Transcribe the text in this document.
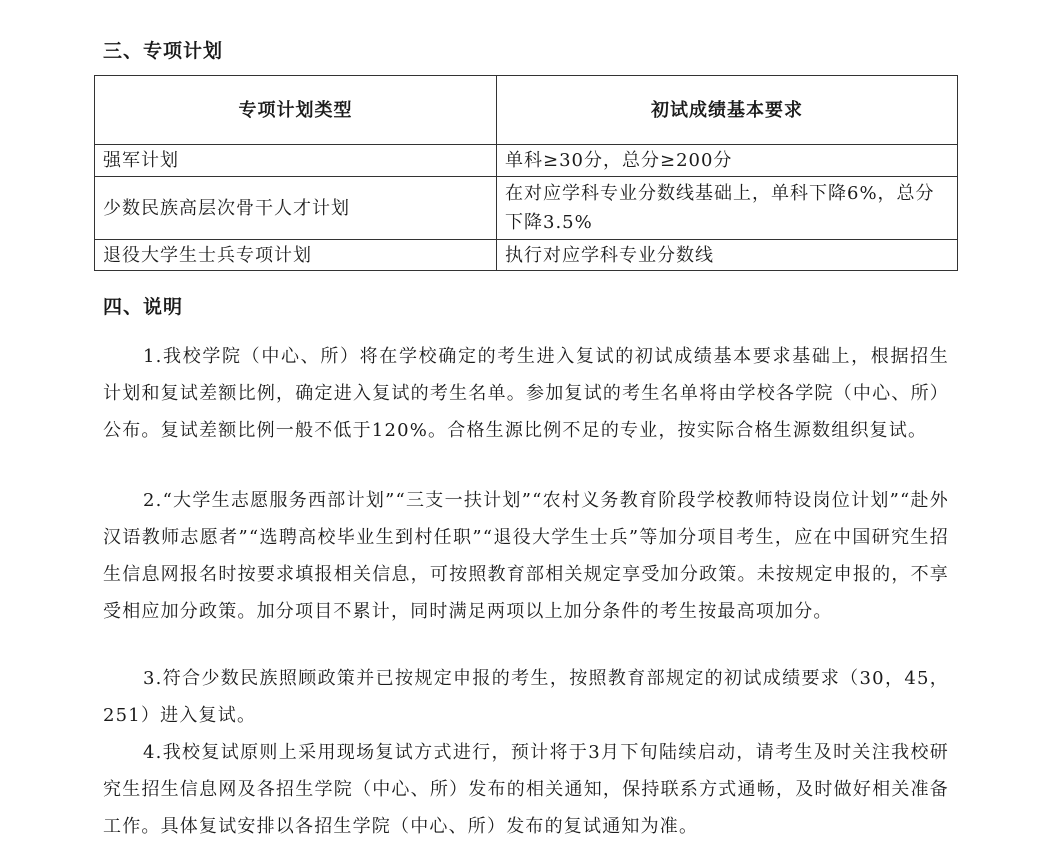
三、专项计划
专项计划类型	初试成绩基本要求
强军计划	单科≥30分，总分≥200分
少数民族高层次骨干人才计划	在对应学科专业分数线基础上，单科下降6%，总分下降3.5%
退役大学生士兵专项计划	执行对应学科专业分数线
四、说明

1.我校学院（中心、所）将在学校确定的考生进入复试的初试成绩基本要求基础上，根据招生计划和复试差额比例，确定进入复试的考生名单。参加复试的考生名单将由学校各学院（中心、所）公布。复试差额比例一般不低于120%。合格生源比例不足的专业，按实际合格生源数组织复试。

2.“大学生志愿服务西部计划”“三支一扶计划”“农村义务教育阶段学校教师特设岗位计划”“赴外汉语教师志愿者”“选聘高校毕业生到村任职”“退役大学生士兵”等加分项目考生，应在中国研究生招生信息网报名时按要求填报相关信息，可按照教育部相关规定享受加分政策。未按规定申报的，不享受相应加分政策。加分项目不累计，同时满足两项以上加分条件的考生按最高项加分。

3.符合少数民族照顾政策并已按规定申报的考生，按照教育部规定的初试成绩要求（30，45，251）进入复试。

4.我校复试原则上采用现场复试方式进行，预计将于3月下旬陆续启动，请考生及时关注我校研究生招生信息网及各招生学院（中心、所）发布的相关通知，保持联系方式通畅，及时做好相关准备工作。具体复试安排以各招生学院（中心、所）发布的复试通知为准。
